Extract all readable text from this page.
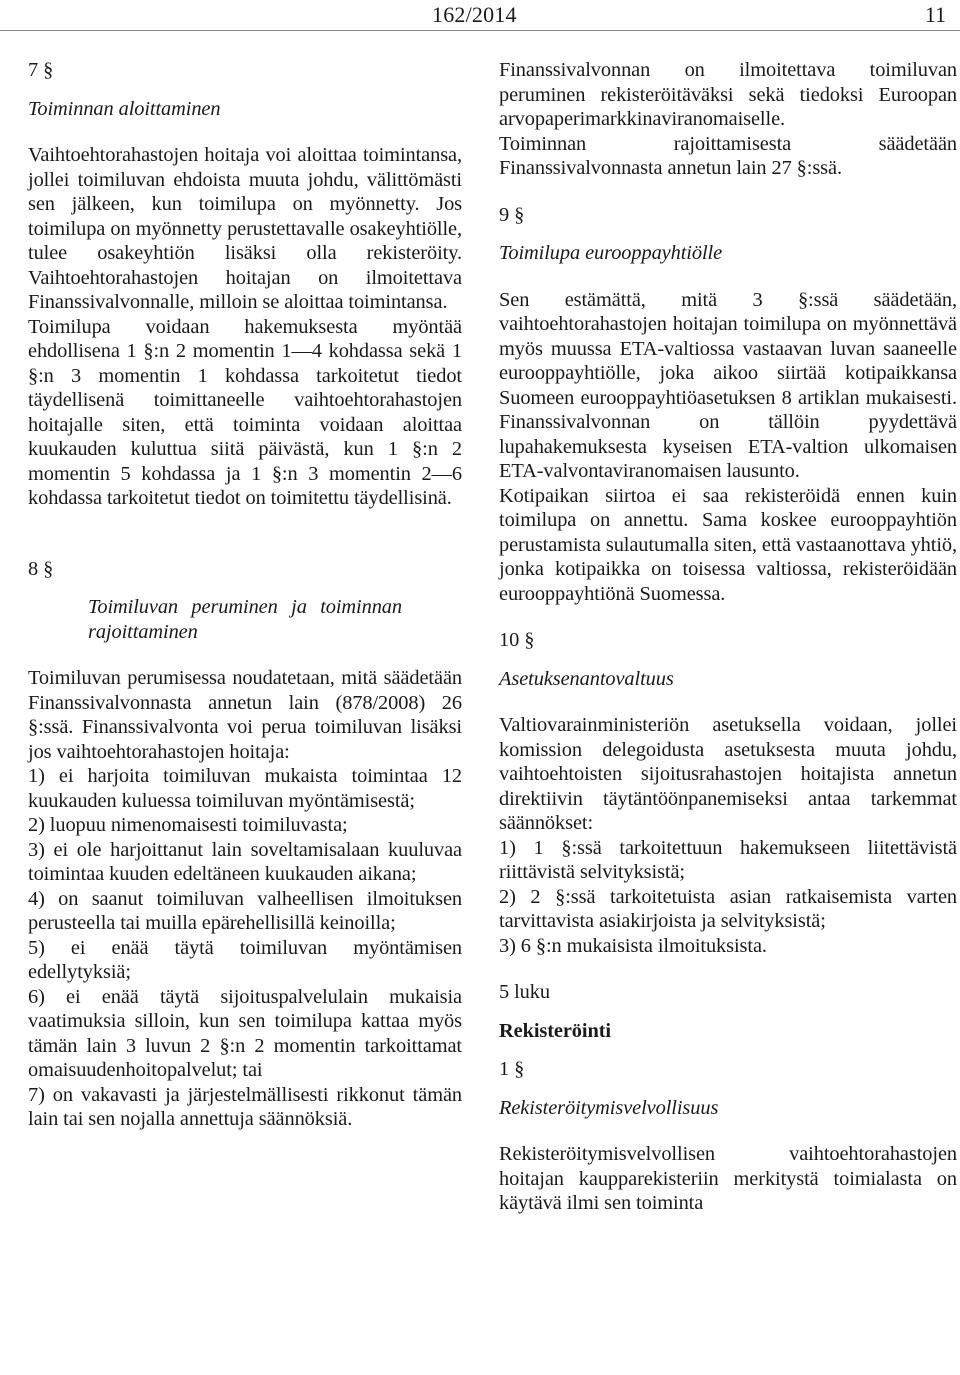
162/2014	11

7 §

Toiminnan aloittaminen

Vaihtoehtorahastojen hoitaja voi aloittaa toimintansa, jollei toimiluvan ehdoista muuta johdu, välittömästi sen jälkeen, kun toimilupa on myönnetty. Jos toimilupa on myönnetty perustettavalle osakeyhtiölle, tulee osakeyhtiön lisäksi olla rekisteröity. Vaihtoehtorahastojen hoitajan on ilmoitettava Finanssivalvonnalle, milloin se aloittaa toimintansa.

Toimilupa voidaan hakemuksesta myöntää ehdollisena 1 §:n 2 momentin 1—4 kohdassa sekä 1 §:n 3 momentin 1 kohdassa tarkoitetut tiedot täydellisenä toimittaneelle vaihtoehtorahastojen hoitajalle siten, että toiminta voidaan aloittaa kuukauden kuluttua siitä päivästä, kun 1 §:n 2 momentin 5 kohdassa ja 1 §:n 3 momentin 2—6 kohdassa tarkoitetut tiedot on toimitettu täydellisinä.

8 §

Toimiluvan peruminen ja toiminnan rajoittaminen

Toimiluvan perumisessa noudatetaan, mitä säädetään Finanssivalvonnasta annetun lain (878/2008) 26 §:ssä. Finanssivalvonta voi perua toimiluvan lisäksi jos vaihtoehtorahastojen hoitaja:

1) ei harjoita toimiluvan mukaista toimintaa 12 kuukauden kuluessa toimiluvan myöntämisestä;

2) luopuu nimenomaisesti toimiluvasta;

3) ei ole harjoittanut lain soveltamisalaan kuuluvaa toimintaa kuuden edeltäneen kuukauden aikana;

4) on saanut toimiluvan valheellisen ilmoituksen perusteella tai muilla epärehellisillä keinoilla;

5) ei enää täytä toimiluvan myöntämisen edellytyksiä;

6) ei enää täytä sijoituspalvelulain mukaisia vaatimuksia silloin, kun sen toimilupa kattaa myös tämän lain 3 luvun 2 §:n 2 momentin tarkoittamat omaisuudenhoitopalvelut; tai

7) on vakavasti ja järjestelmällisesti rikkonut tämän lain tai sen nojalla annettuja säännöksiä.

Finanssivalvonnan on ilmoitettava toimiluvan peruminen rekisteröitäväksi sekä tiedoksi Euroopan arvopaperimarkkinaviranomaiselle.

Toiminnan rajoittamisesta säädetään Finanssivalvonnasta annetun lain 27 §:ssä.

9 §

Toimilupa eurooppayhtiölle

Sen estämättä, mitä 3 §:ssä säädetään, vaihtoehtorahastojen hoitajan toimilupa on myönnettävä myös muussa ETA-valtiossa vastaavan luvan saaneelle eurooppayhtiölle, joka aikoo siirtää kotipaikkansa Suomeen eurooppayhtiöasetuksen 8 artiklan mukaisesti. Finanssivalvonnan on tällöin pyydettävä lupahakemuksesta kyseisen ETA-valtion ulkomaisen ETA-valvontaviranomaisen lausunto.

Kotipaikan siirtoa ei saa rekisteröidä ennen kuin toimilupa on annettu. Sama koskee eurooppayhtiön perustamista sulautumalla siten, että vastaanottava yhtiö, jonka kotipaikka on toisessa valtiossa, rekisteröidään eurooppayhtiönä Suomessa.

10 §

Asetuksenantovaltuus

Valtiovarainministeriön asetuksella voidaan, jollei komission delegoidusta asetuksesta muuta johdu, vaihtoehtoisten sijoitusrahastojen hoitajista annetun direktiivin täytäntöönpanemiseksi antaa tarkemmat säännökset:

1) 1 §:ssä tarkoitettuun hakemukseen liitettävistä riittävistä selvityksistä;

2) 2 §:ssä tarkoitetuista asian ratkaisemista varten tarvittavista asiakirjoista ja selvityksistä;

3) 6 §:n mukaisista ilmoituksista.

5 luku

Rekisteröinti

1 §

Rekisteröitymisvelvollisuus

Rekisteröitymisvelvollisen vaihtoehtorahastojen hoitajan kaupparekisteriin merkitystä toimialasta on käytävä ilmi sen toiminta
